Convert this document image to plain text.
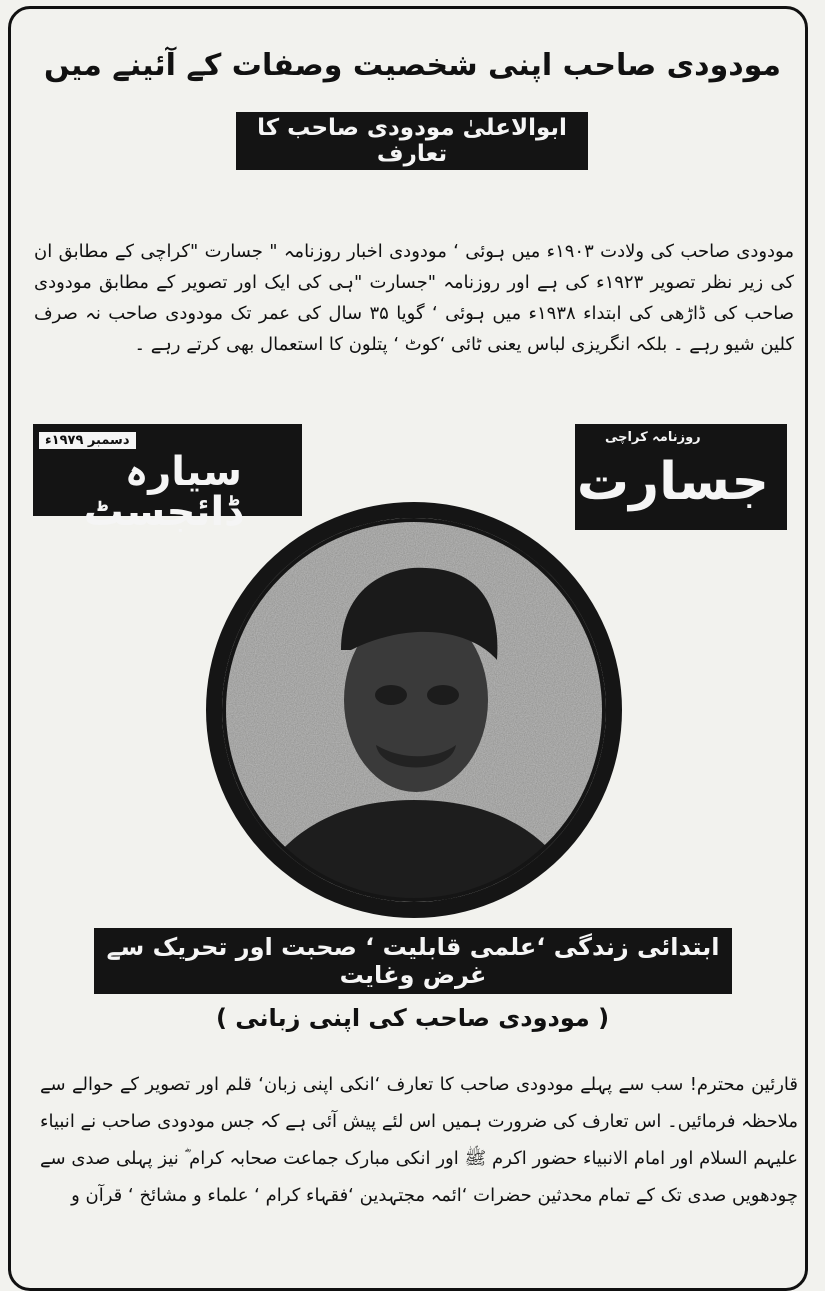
مودودی صاحب اپنی شخصیت وصفات کے آئینے میں
ابوالاعلیٰ مودودی صاحب کا تعارف
مودودی صاحب کی ولادت ۱۹۰۳ء میں ہوئی ‘ مودودی اخبار روزنامہ " جسارت "کراچی کے مطابق ان کی زیر نظر تصویر ۱۹۲۳ء کی ہے اور روزنامہ "جسارت "ہی کی ایک اور تصویر کے مطابق مودودی صاحب کی ڈاڑھی کی ابتداء ۱۹۳۸ء میں ہوئی ‘ گویا ۳۵ سال کی عمر تک مودودی صاحب نہ صرف کلین شیو رہے ۔ بلکہ انگریزی لباس یعنی ٹائی ‘کوٹ ‘ پتلون کا استعمال بھی کرتے رہے ۔
دسمبر ۱۹۷۹ء
سیارہ ڈائجسٹ
روزنامہ کراچی
جسارت
ابتدائی زندگی ‘علمی قابلیت ‘ صحبت اور تحریک سے غرض وغایت
( مودودی صاحب کی اپنی زبانی )
قارئین محترم! سب سے پہلے مودودی صاحب کا تعارف ‘انکی اپنی زبان‘ قلم اور تصویر کے حوالے سے ملاحظہ فرمائیں۔ اس تعارف کی ضرورت ہمیں اس لئے پیش آئی ہے کہ جس مودودی صاحب نے انبیاء علیہم السلام اور امام الانبیاء حضور اکرم ﷺ اور انکی مبارک جماعت صحابہ کرام ؓ نیز پہلی صدی سے چودھویں صدی تک کے تمام محدثین حضرات ‘ائمہ مجتہدین ‘فقہاء کرام ‘ علماء و مشائخ ‘ قرآن و
